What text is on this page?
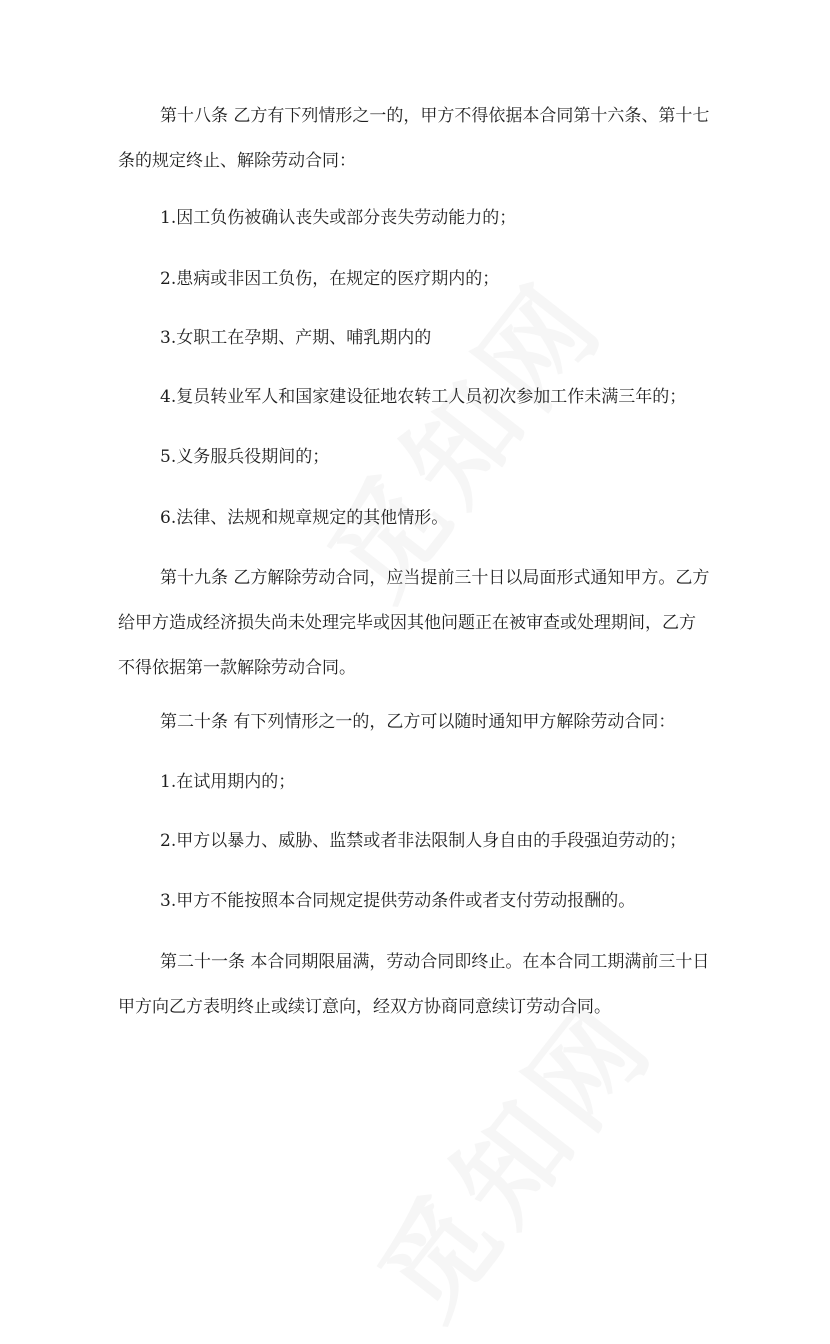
第十八条 乙方有下列情形之一的，甲方不得依据本合同第十六条、第十七
条的规定终止、解除劳动合同：

1.因工负伤被确认丧失或部分丧失劳动能力的；

2.患病或非因工负伤，在规定的医疗期内的；

3.女职工在孕期、产期、哺乳期内的

4.复员转业军人和国家建设征地农转工人员初次参加工作未满三年的；

5.义务服兵役期间的；

6.法律、法规和规章规定的其他情形。

第十九条 乙方解除劳动合同，应当提前三十日以局面形式通知甲方。乙方
给甲方造成经济损失尚未处理完毕或因其他问题正在被审查或处理期间，乙方
不得依据第一款解除劳动合同。

第二十条 有下列情形之一的，乙方可以随时通知甲方解除劳动合同：

1.在试用期内的；

2.甲方以暴力、威胁、监禁或者非法限制人身自由的手段强迫劳动的；

3.甲方不能按照本合同规定提供劳动条件或者支付劳动报酬的。

第二十一条 本合同期限届满，劳动合同即终止。在本合同工期满前三十日
甲方向乙方表明终止或续订意向，经双方协商同意续订劳动合同。
